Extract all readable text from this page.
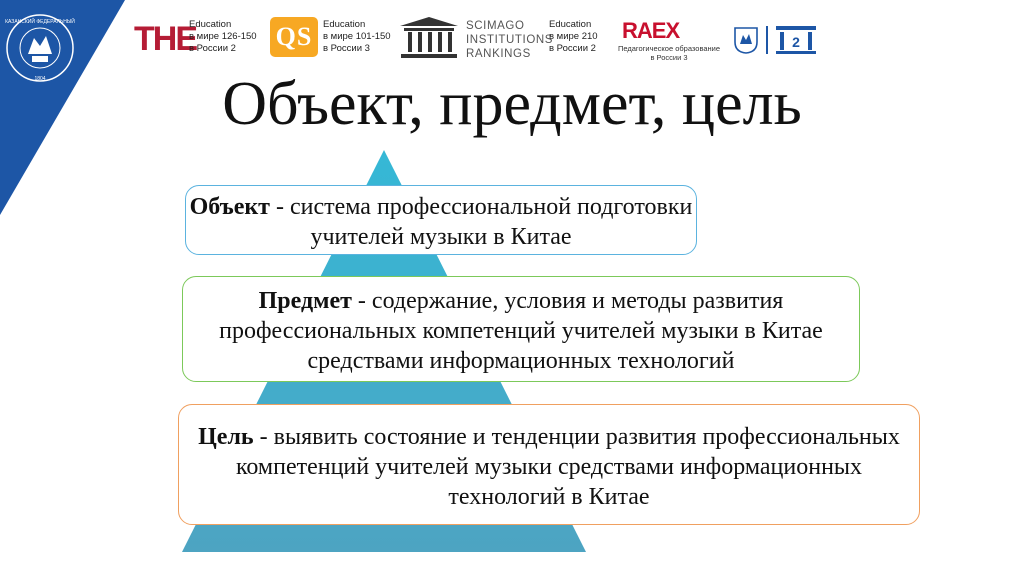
КАЗАНСКИЙ ФЕДЕРАЛЬНЫЙ
1804
THE
Education
в мире 126-150
в России 2	QS	Education
в мире 101-150
в России 3
SCIMAGO INSTITUTIONS RANKINGS
Education
в мире 210
в России 2
RAEX
Педагогическое образование
в России 3
2
Объект, предмет, цель
Объект - система профессиональной подготовки учителей музыки в Китае
Предмет - содержание, условия и методы развития профессиональных компетенций учителей музыки в Китае средствами информационных технологий
Цель - выявить состояние и тенденции развития профессиональных компетенций учителей музыки средствами информационных технологий в Китае
